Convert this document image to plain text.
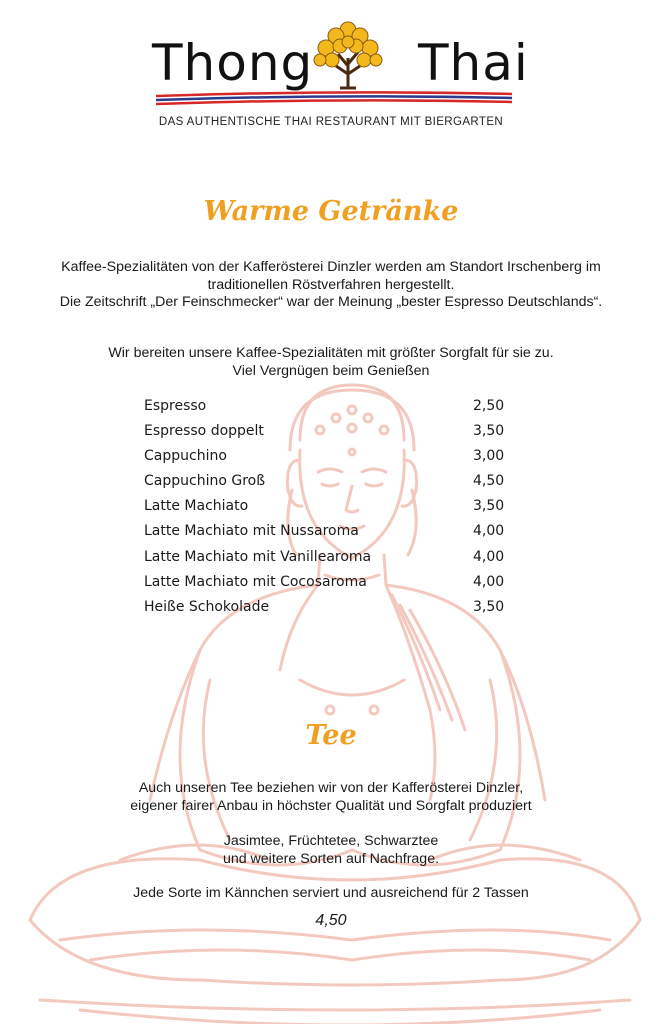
Thong Thai
DAS AUTHENTISCHE THAI RESTAURANT MIT BIERGARTEN
Warme Getränke
Kaffee-Spezialitäten von der Kafferösterei Dinzler werden am Standort Irschenberg im
traditionellen Röstverfahren hergestellt.
Die Zeitschrift „Der Feinschmecker“ war der Meinung „bester Espresso Deutschlands“.
Wir bereiten unsere Kaffee-Spezialitäten mit größter Sorgfalt für sie zu.
Viel Vergnügen beim Genießen
Espresso	2,50
Espresso doppelt	3,50
Cappuchino	3,00
Cappuchino Groß	4,50
Latte Machiato	3,50
Latte Machiato mit Nussaroma	4,00
Latte Machiato mit Vanillearoma	4,00
Latte Machiato mit Cocosaroma	4,00
Heiße Schokolade	3,50
Tee
Auch unseren Tee beziehen wir von der Kafferösterei Dinzler,
eigener fairer Anbau in höchster Qualität und Sorgfalt produziert
Jasimtee, Früchtetee, Schwarztee
und weitere Sorten auf Nachfrage.
Jede Sorte im Kännchen serviert und ausreichend für 2 Tassen
4,50
